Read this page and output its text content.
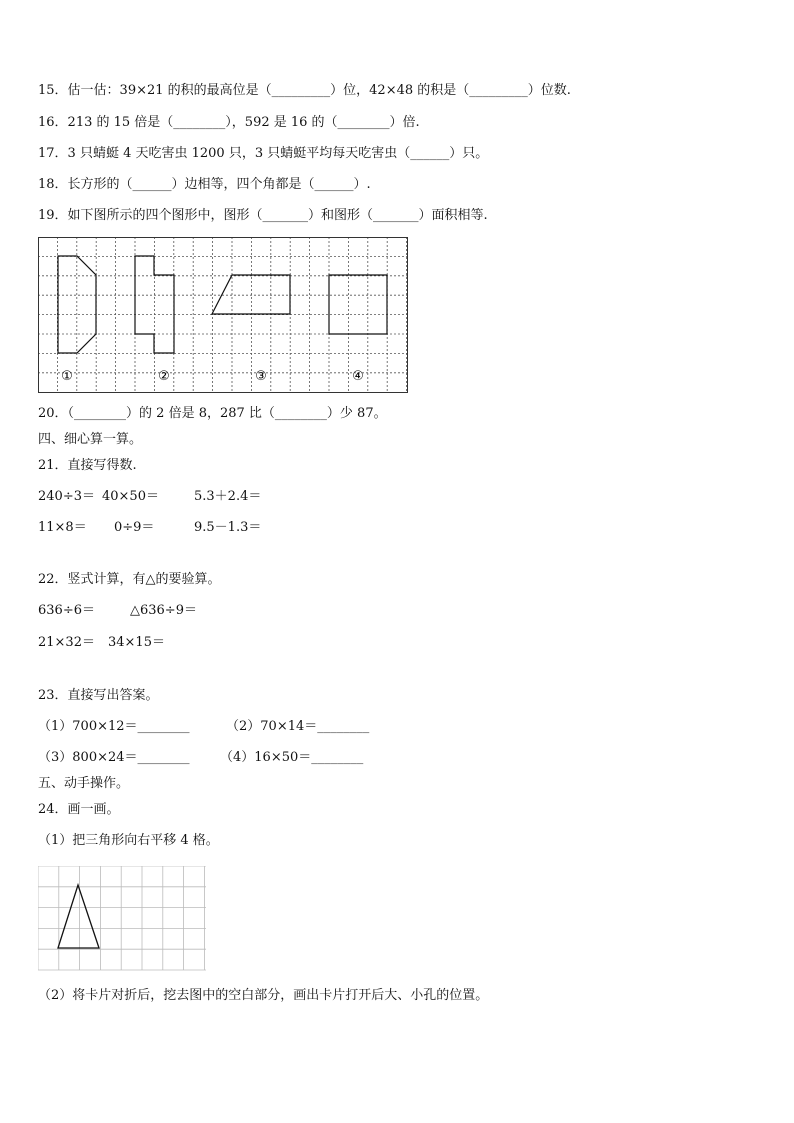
15．估一估：39×21 的积的最高位是（_________）位，42×48 的积是（_________）位数.
16．213 的 15 倍是（________），592 是 16 的（________）倍.
17．3 只蜻蜓 4 天吃害虫 1200 只，3 只蜻蜓平均每天吃害虫（______）只。
18．长方形的（______）边相等，四个角都是（______）.
19．如下图所示的四个图形中，图形（_______）和图形（_______）面积相等.
①	②	③	④
20．（________）的 2 倍是 8，287 比（________）少 87。
四、细心算一算。
21．直接写得数.
240÷3＝ 40×50＝	5.3＋2.4＝
11×8＝ 0÷9＝	9.5－1.3＝
22．竖式计算，有△的要验算。
636÷6＝	△636÷9＝
21×32＝ 34×15＝
23．直接写出答案。
（1）700×12＝________	（2）70×14＝________
（3）800×24＝________ （4）16×50＝________
五、动手操作。
24．画一画。
（1）把三角形向右平移 4 格。
（2）将卡片对折后，挖去图中的空白部分，画出卡片打开后大、小孔的位置。
